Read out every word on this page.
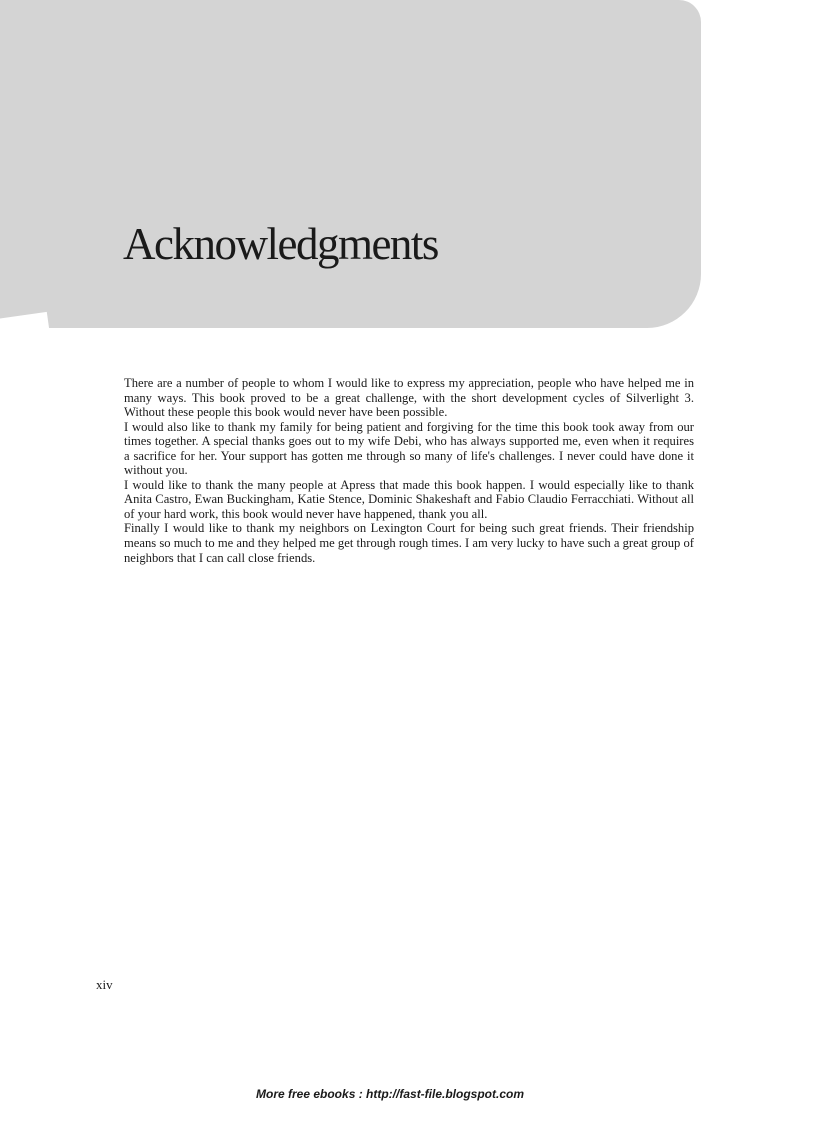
Acknowledgments

There are a number of people to whom I would like to express my appreciation, people who have helped me in many ways. This book proved to be a great challenge, with the short development cycles of Silverlight 3. Without these people this book would never have been possible.

I would also like to thank my family for being patient and forgiving for the time this book took away from our times together. A special thanks goes out to my wife Debi, who has always supported me, even when it requires a sacrifice for her. Your support has gotten me through so many of life's challenges. I never could have done it without you.

I would like to thank the many people at Apress that made this book happen. I would especially like to thank Anita Castro, Ewan Buckingham, Katie Stence, Dominic Shakeshaft and Fabio Claudio Ferracchiati. Without all of your hard work, this book would never have happened, thank you all.

Finally I would like to thank my neighbors on Lexington Court for being such great friends. Their friendship means so much to me and they helped me get through rough times. I am very lucky to have such a great group of neighbors that I can call close friends.

xiv
More free ebooks : http://fast-file.blogspot.com
